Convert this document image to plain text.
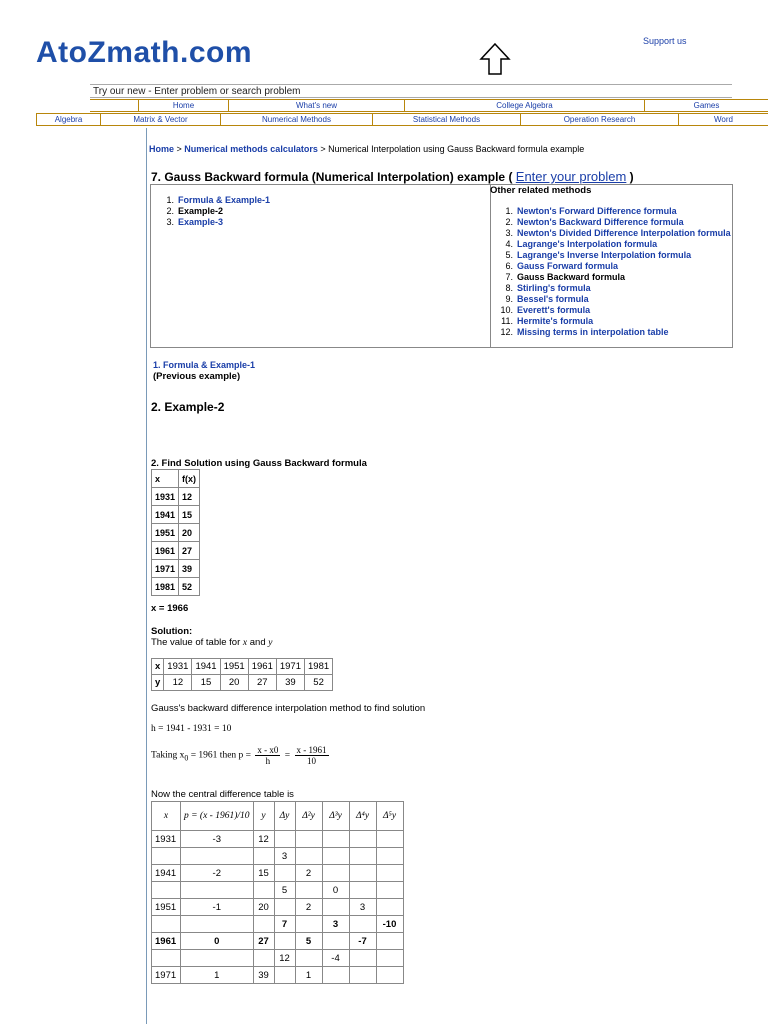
AtoZmath.com	Support us
Try our new - Enter problem or search problem
Home	What's new	College Algebra	Games
Algebra	Matrix & Vector	Numerical Methods	Statistical Methods	Operation Research	Word
Home > Numerical methods calculators > Numerical Interpolation using Gauss Backward formula example
7. Gauss Backward formula (Numerical Interpolation) example ( Enter your problem )
1. Formula & Example-1
2. Example-2
3. Example-3
Other related methods
1. Newton's Forward Difference formula
2. Newton's Backward Difference formula
3. Newton's Divided Difference Interpolation formula
4. Lagrange's Interpolation formula
5. Lagrange's Inverse Interpolation formula
6. Gauss Forward formula
7. Gauss Backward formula
8. Stirling's formula
9. Bessel's formula
10. Everett's formula
11. Hermite's formula
12. Missing terms in interpolation table
1. Formula & Example-1
(Previous example)
2. Example-2
2. Find Solution using Gauss Backward formula
x	f(x)
1931	12
1941	15
1951	20
1961	27
1971	39
1981	52
x = 1966
Solution:
The value of table for x and y
x	1931	1941	1951	1961	1971	1981
y	12	15	20	27	39	52
Gauss's backward difference interpolation method to find solution
h = 1941 - 1931 = 10
Taking $x_0 = 1961$ then $p = \frac{x - x0}{h} = \frac{x - 1961}{10}$
Now the central difference table is
x	p = (x - 1961)/10	y	Δy	Δ²y	Δ³y	Δ⁴y	Δ⁵y
1931	-3	12					
			3				
1941	-2	15		2			
			5		0		
1951	-1	20		2		3	
			7		3		-10
1961	0	27		5		-7	
			12		-4		
1971	1	39		1			
